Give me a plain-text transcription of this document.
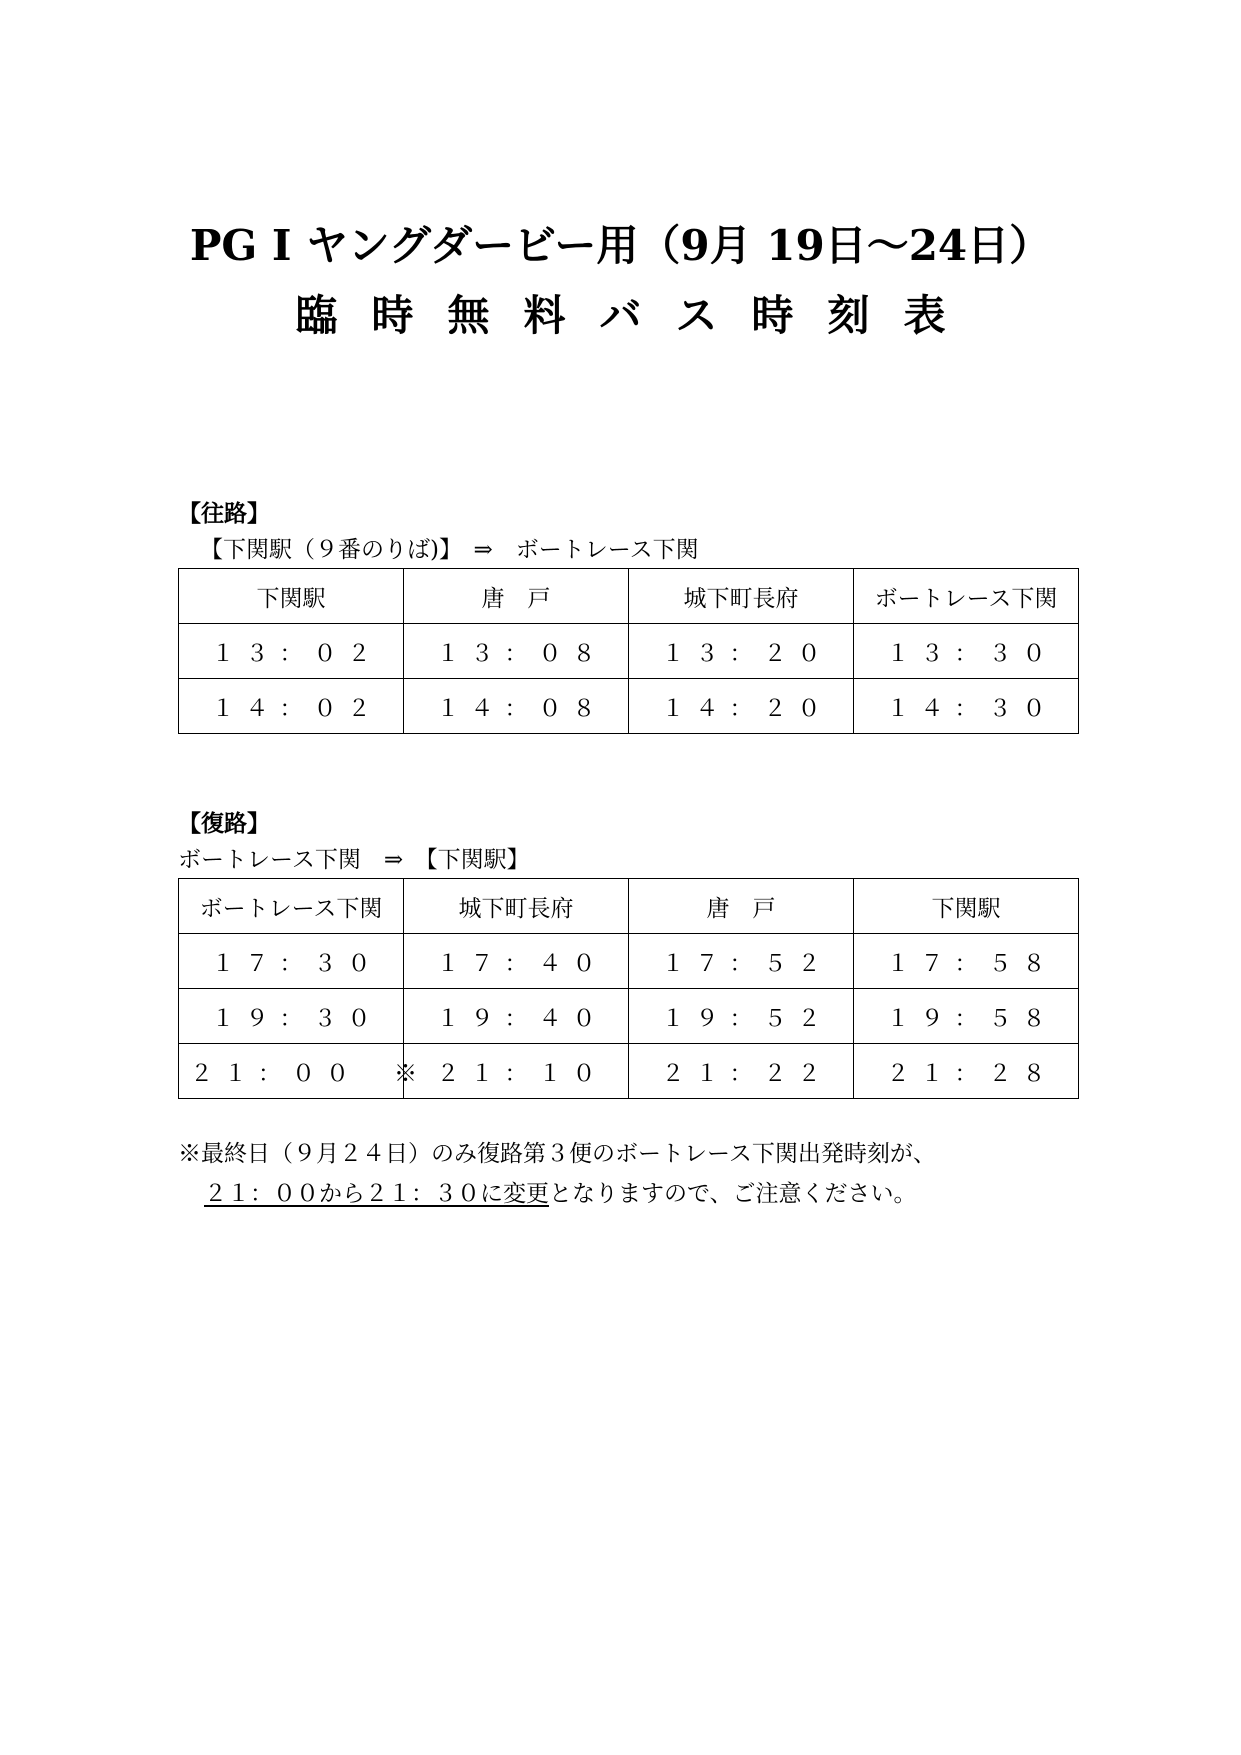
PG I ヤングダービー用（9月 19日～24日）
臨時無料バス時刻表
【往路】
【下関駅（９番のりば)】　⇒　ボートレース下関
下関駅	唐　戸	城下町長府	ボートレース下関
１３：０２	１３：０８	１３：２０	１３：３０
１４：０２	１４：０８	１４：２０	１４：３０
【復路】
ボートレース下関　⇒　【下関駅】
ボートレース下関	城下町長府	唐　戸	下関駅
１７：３０	１７：４０	１７：５２	１７：５８
１９：３０	１９：４０	１９：５２	１９：５８
２１：００　※	２１：１０	２１：２２	２１：２８
※最終日（９月２４日）のみ復路第３便のボートレース下関出発時刻が、
２１：００から２１：３０に変更となりますので、ご注意ください。
